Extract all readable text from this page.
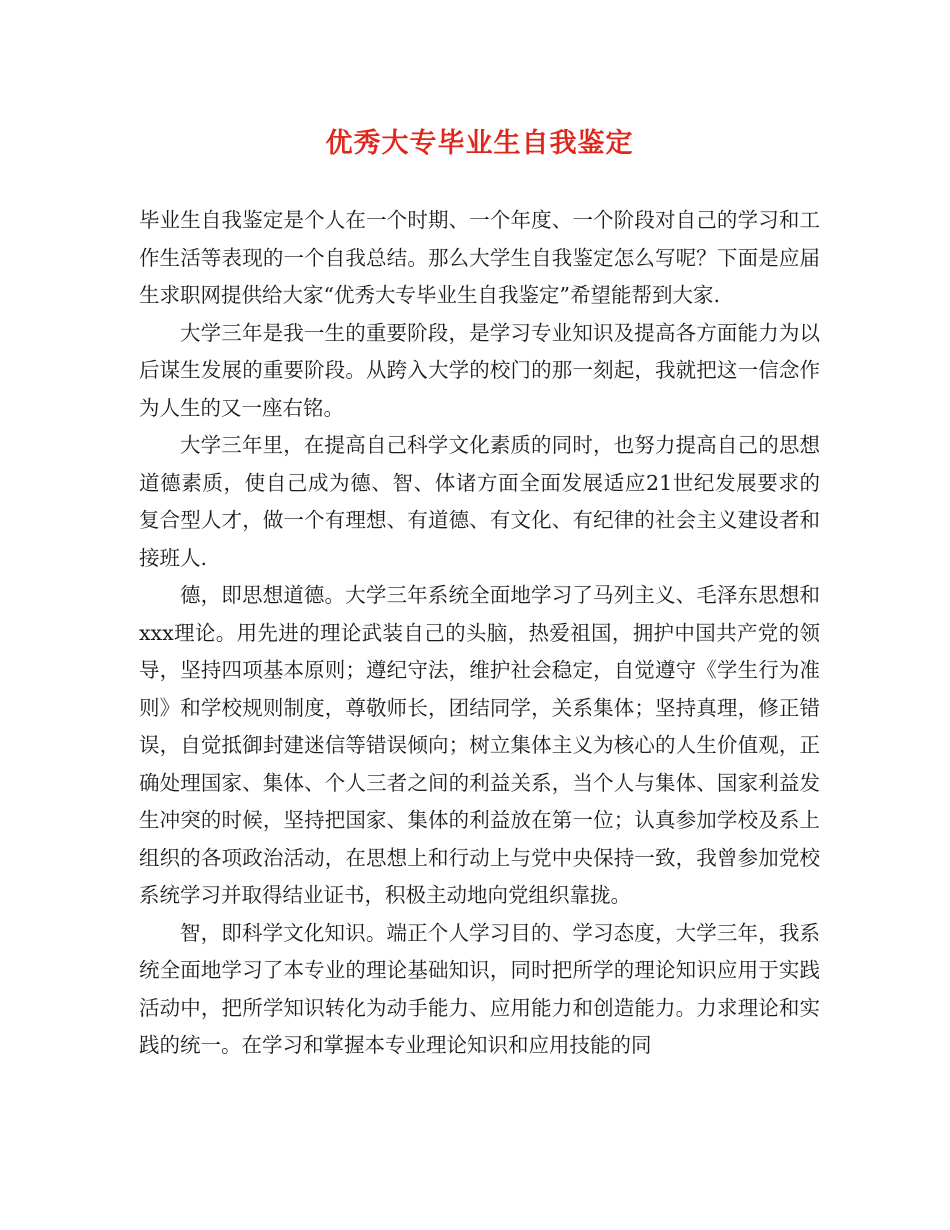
优秀大专毕业生自我鉴定

毕业生自我鉴定是个人在一个时期、一个年度、一个阶段对自己的学习和工作生活等表现的一个自我总结。那么大学生自我鉴定怎么写呢？下面是应届生求职网提供给大家“优秀大专毕业生自我鉴定”希望能帮到大家.

大学三年是我一生的重要阶段，是学习专业知识及提高各方面能力为以后谋生发展的重要阶段。从跨入大学的校门的那一刻起，我就把这一信念作为人生的又一座右铭。

大学三年里，在提高自己科学文化素质的同时，也努力提高自己的思想道德素质，使自己成为德、智、体诸方面全面发展适应21世纪发展要求的复合型人才，做一个有理想、有道德、有文化、有纪律的社会主义建设者和接班人.

德，即思想道德。大学三年系统全面地学习了马列主义、毛泽东思想和xxx理论。用先进的理论武装自己的头脑，热爱祖国，拥护中国共产党的领导，坚持四项基本原则；遵纪守法，维护社会稳定，自觉遵守《学生行为准则》和学校规则制度，尊敬师长，团结同学，关系集体；坚持真理，修正错误，自觉抵御封建迷信等错误倾向；树立集体主义为核心的人生价值观，正确处理国家、集体、个人三者之间的利益关系，当个人与集体、国家利益发生冲突的时候，坚持把国家、集体的利益放在第一位；认真参加学校及系上组织的各项政治活动，在思想上和行动上与党中央保持一致，我曾参加党校系统学习并取得结业证书，积极主动地向党组织靠拢。

智，即科学文化知识。端正个人学习目的、学习态度，大学三年，我系统全面地学习了本专业的理论基础知识，同时把所学的理论知识应用于实践活动中，把所学知识转化为动手能力、应用能力和创造能力。力求理论和实践的统一。在学习和掌握本专业理论知识和应用技能的同
